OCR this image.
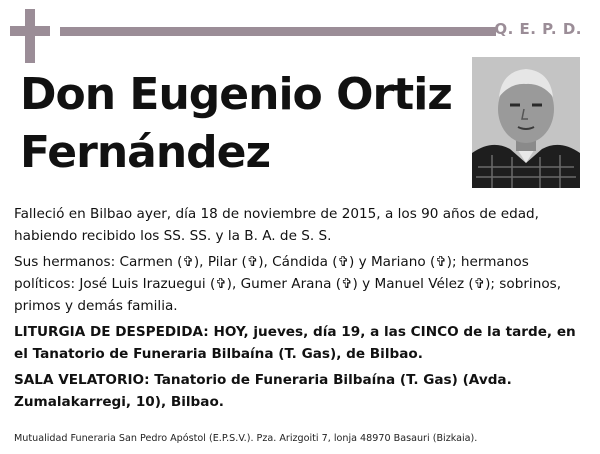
Q. E. P. D.
Don Eugenio Ortiz
Fernández

Falleció en Bilbao ayer, día 18 de noviembre de 2015, a los 90 años de edad, habiendo recibido los SS. SS. y la B. A. de S. S.

Sus hermanos: Carmen (✞), Pilar (✞), Cándida (✞) y Mariano (✞); hermanos políticos: José Luis Irazuegui (✞), Gumer Arana (✞) y Manuel Vélez (✞); sobrinos, primos y demás familia.

LITURGIA DE DESPEDIDA: HOY, jueves, día 19, a las CINCO de la tarde, en el Tanatorio de Funeraria Bilbaína (T. Gas), de Bilbao.

SALA VELATORIO: Tanatorio de Funeraria Bilbaína (T. Gas) (Avda. Zumalakarregi, 10), Bilbao.

Mutualidad Funeraria San Pedro Apóstol (E.P.S.V.). Pza. Arizgoiti 7, lonja 48970 Basauri (Bizkaia).
